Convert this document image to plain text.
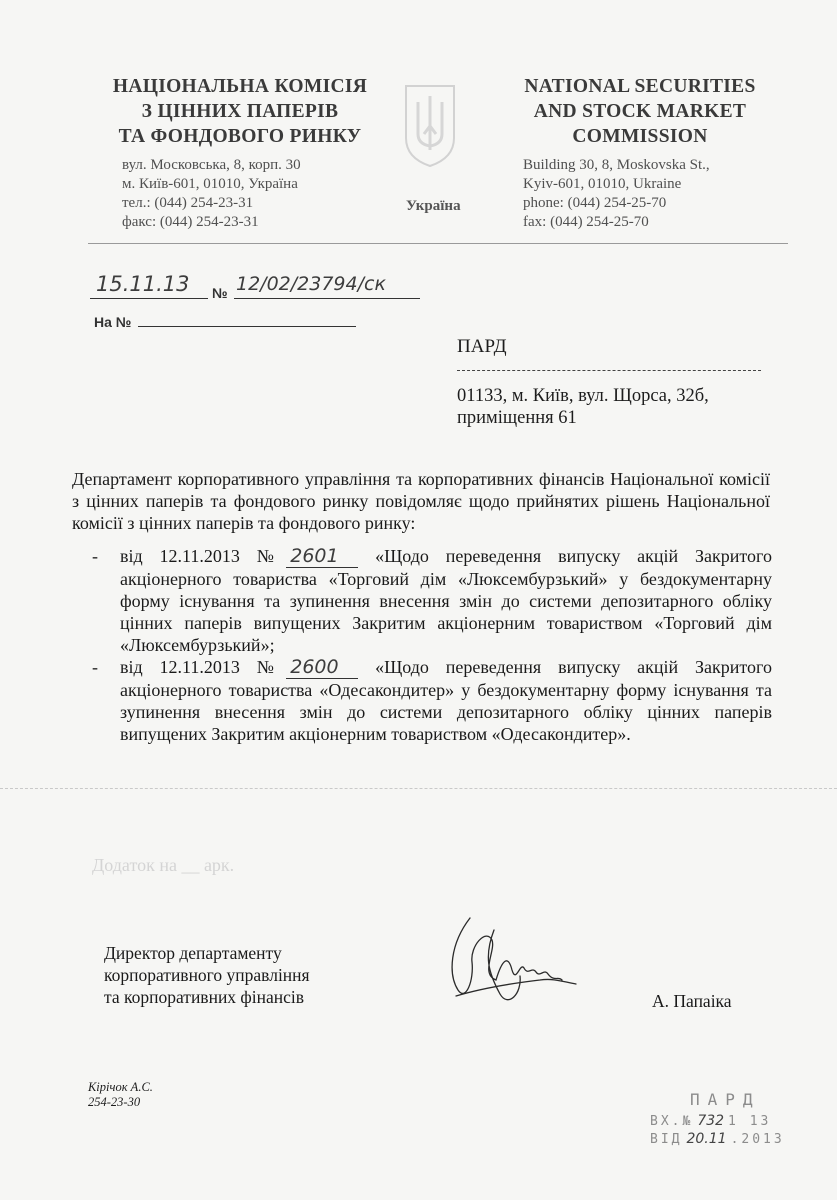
НАЦІОНАЛЬНА КОМІСІЯ
З ЦІННИХ ПАПЕРІВ
ТА ФОНДОВОГО РИНКУ
вул. Московська, 8, корп. 30
м. Київ-601, 01010, Україна
тел.: (044) 254-23-31
факс: (044) 254-23-31
Україна
NATIONAL SECURITIES
AND STOCK MARKET
COMMISSION
Building 30, 8, Moskovska St.,
Kyiv-601, 01010, Ukraine
phone: (044) 254-25-70
fax: (044) 254-25-70
15.11.13 № 12/02/23794/ск
На №
ПАРД
01133, м. Київ, вул. Щорса, 32б,
приміщення 61
Департамент корпоративного управління та корпоративних фінансів Національної комісії з цінних паперів та фондового ринку повідомляє щодо прийнятих рішень Національної комісії з цінних паперів та фондового ринку:
- від 12.11.2013 № 2601 «Щодо переведення випуску акцій Закритого акціонерного товариства «Торговий дім «Люксембурзький» у бездокументарну форму існування та зупинення внесення змін до системи депозитарного обліку цінних паперів випущених Закритим акціонерним товариством «Торговий дім «Люксембурзький»;
- від 12.11.2013 № 2600 «Щодо переведення випуску акцій Закритого акціонерного товариства «Одесакондитер» у бездокументарну форму існування та зупинення внесення змін до системи депозитарного обліку цінних паперів випущених Закритим акціонерним товариством «Одесакондитер».
Додаток на __ арк.
Директор департаменту
корпоративного управління
та корпоративних фінансів	А. Папаіка
Кірічок А.С.
254-23-30	ПАРД
ВХ.№ 732 1 13
ВІД 20.11 .2013
